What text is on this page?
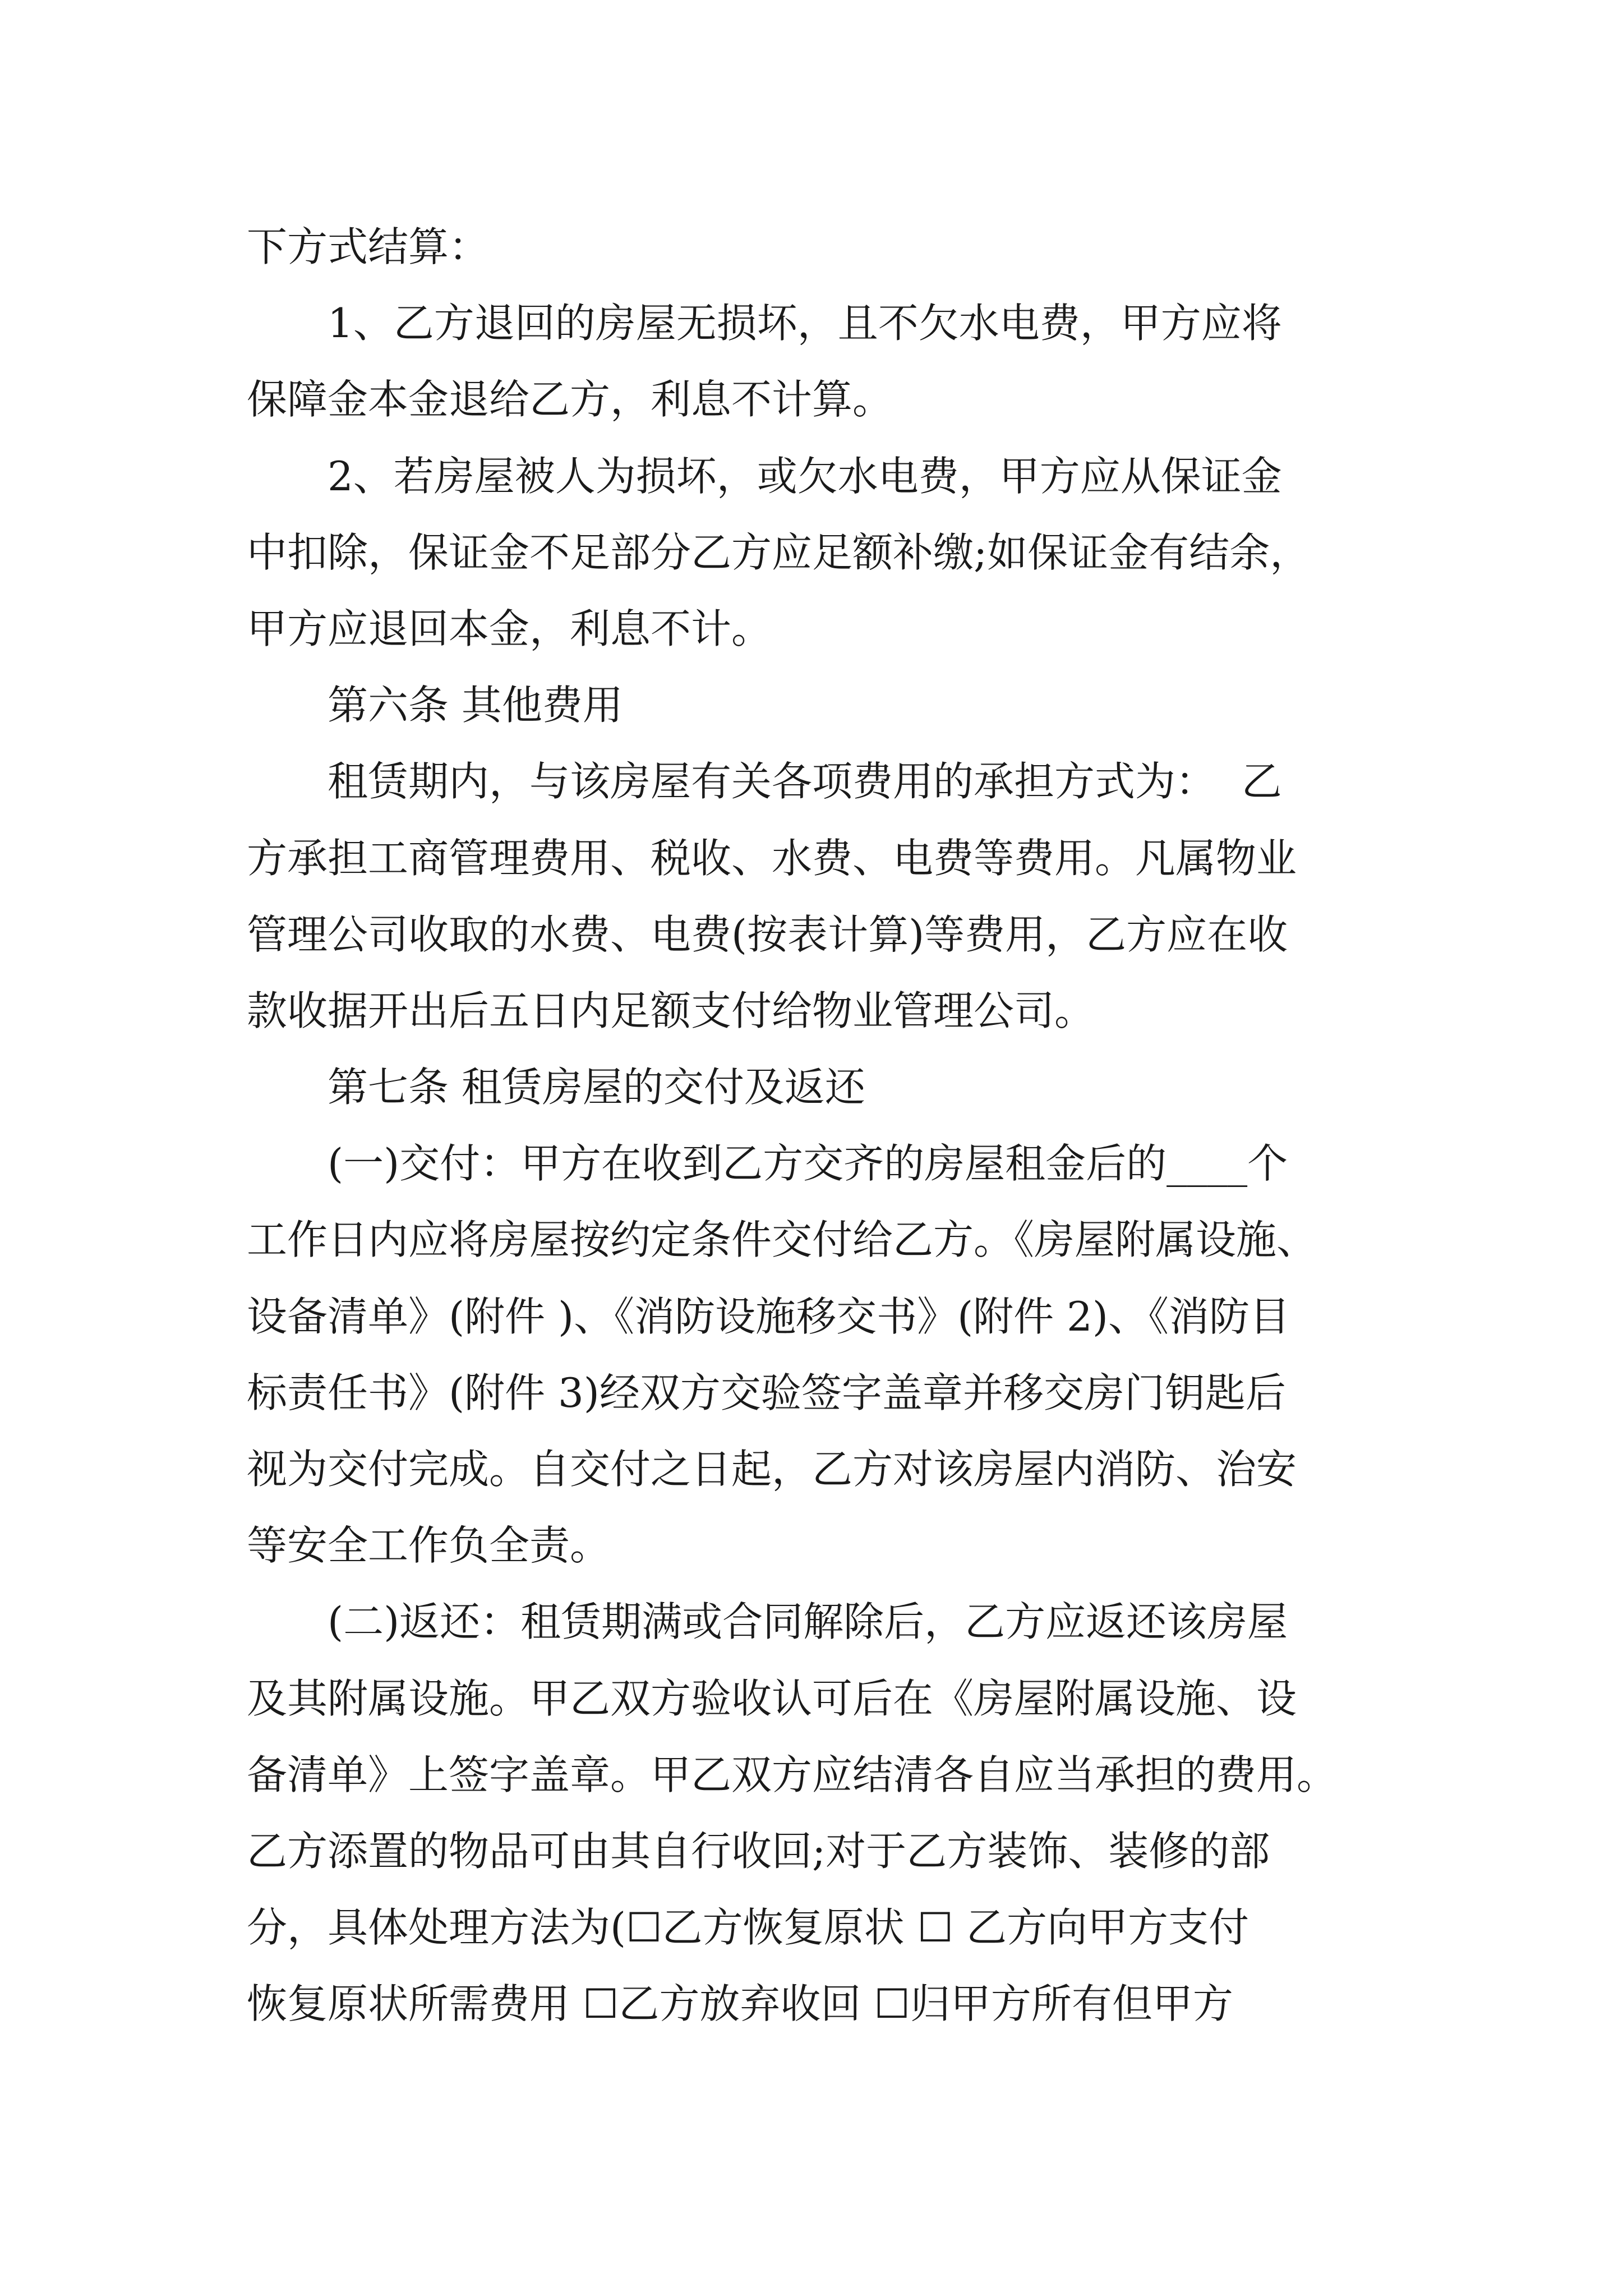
下方式结算：
1、乙方退回的房屋无损坏，且不欠水电费，甲方应将
保障金本金退给乙方，利息不计算。
2、若房屋被人为损坏，或欠水电费，甲方应从保证金
中扣除，保证金不足部分乙方应足额补缴;如保证金有结余，
甲方应退回本金，利息不计。
第六条 其他费用
租赁期内，与该房屋有关各项费用的承担方式为：  乙
方承担工商管理费用、税收、水费、电费等费用。凡属物业
管理公司收取的水费、电费(按表计算)等费用，乙方应在收
款收据开出后五日内足额支付给物业管理公司。
第七条 租赁房屋的交付及返还
(一)交付：甲方在收到乙方交齐的房屋租金后的____个
工作日内应将房屋按约定条件交付给乙方。《房屋附属设施、
设备清单》(附件 )、《消防设施移交书》(附件 2)、《消防目
标责任书》(附件 3)经双方交验签字盖章并移交房门钥匙后
视为交付完成。自交付之日起，乙方对该房屋内消防、治安
等安全工作负全责。
(二)返还：租赁期满或合同解除后，乙方应返还该房屋
及其附属设施。甲乙双方验收认可后在《房屋附属设施、设
备清单》上签字盖章。甲乙双方应结清各自应当承担的费用。
乙方添置的物品可由其自行收回;对于乙方装饰、装修的部
分，具体处理方法为(☐乙方恢复原状 ☐ 乙方向甲方支付
恢复原状所需费用 ☐乙方放弃收回 ☐归甲方所有但甲方
